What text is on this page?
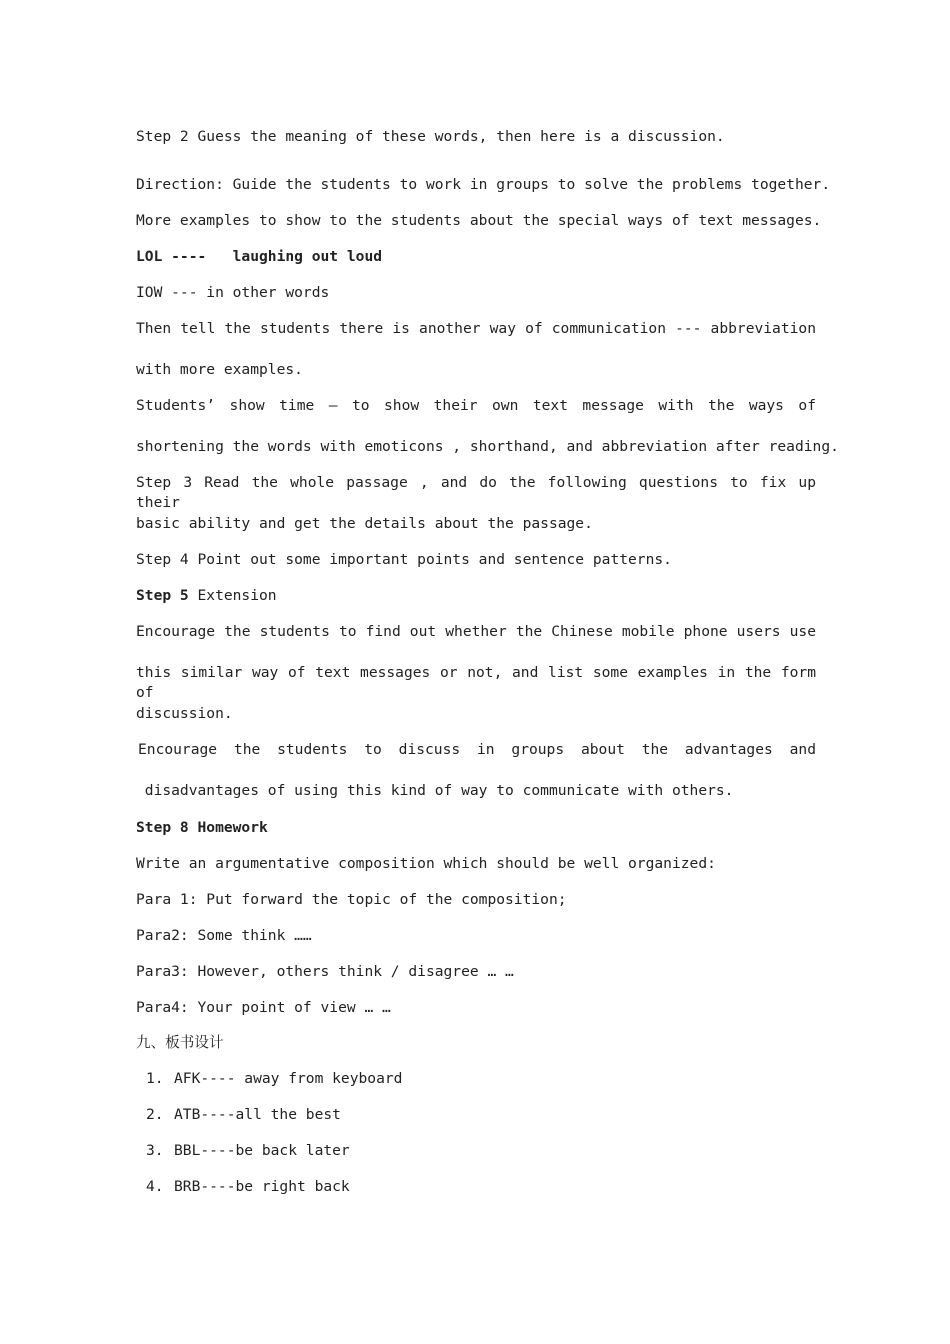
Step 2 Guess the meaning of these words, then here is a discussion.
Direction: Guide the students to work in groups to solve the problems together.
More examples to show to the students about the special ways of text messages.
LOL ----   laughing out loud
IOW --- in other words
Then tell the students there is another way of communication --- abbreviation
with more examples.
Students’ show time – to show their own text message with the ways of
shortening the words with emoticons , shorthand, and abbreviation after reading.
Step 3 Read the whole passage , and do the following questions to fix up their
basic ability and get the details about the passage.
Step 4 Point out some important points and sentence patterns.
Step 5 Extension
Encourage the students to find out whether the Chinese mobile phone users use
this similar way of text messages or not, and list some examples in the form of
discussion.
Encourage the students to discuss in groups about the advantages and
disadvantages of using this kind of way to communicate with others.
Step 8 Homework
Write an argumentative composition which should be well organized:
Para 1: Put forward the topic of the composition;
Para2: Some think ……
Para3: However, others think / disagree … …
Para4: Your point of view … …
九、板书设计
1. AFK---- away from keyboard
2. ATB----all the best
3. BBL----be back later
4. BRB----be right back
